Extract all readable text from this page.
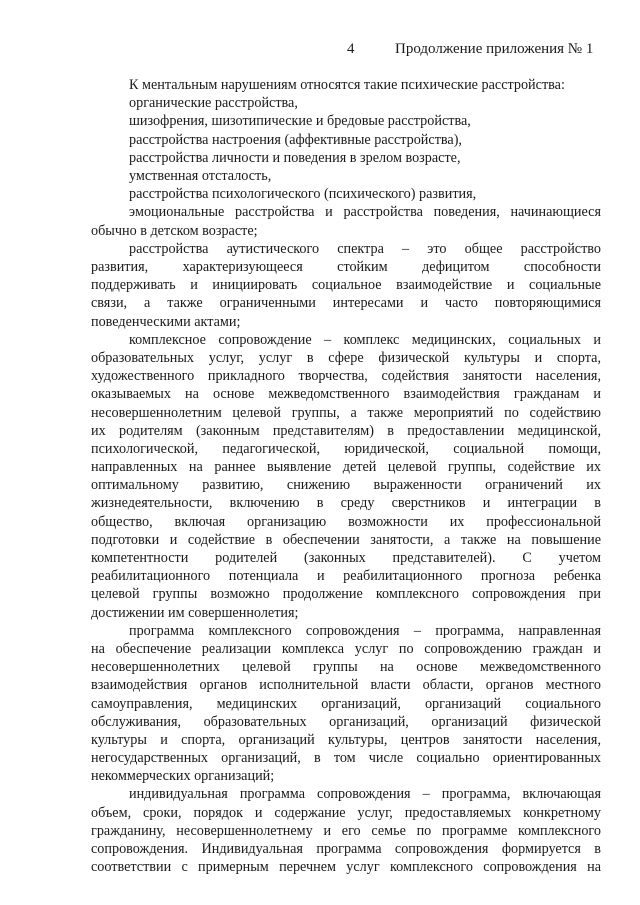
4	Продолжение приложения № 1
К ментальным нарушениям относятся такие психические расстройства:
органические расстройства,
шизофрения, шизотипические и бредовые расстройства,
расстройства настроения (аффективные расстройства),
расстройства личности и поведения в зрелом возрасте,
умственная отсталость,
расстройства психологического (психического) развития,
эмоциональные расстройства и расстройства поведения, начинающиеся
обычно в детском возрасте;
расстройства аутистического спектра – это общее расстройство
развития, характеризующееся стойким дефицитом способности
поддерживать и инициировать социальное взаимодействие и социальные
связи, а также ограниченными интересами и часто повторяющимися
поведенческими актами;
комплексное сопровождение – комплекс медицинских, социальных и
образовательных услуг, услуг в сфере физической культуры и спорта,
художественного прикладного творчества, содействия занятости населения,
оказываемых на основе межведомственного взаимодействия гражданам и
несовершеннолетним целевой группы, а также мероприятий по содействию
их родителям (законным представителям) в предоставлении медицинской,
психологической, педагогической, юридической, социальной помощи,
направленных на раннее выявление детей целевой группы, содействие их
оптимальному развитию, снижению выраженности ограничений их
жизнедеятельности, включению в среду сверстников и интеграции в
общество, включая организацию возможности их профессиональной
подготовки и содействие в обеспечении занятости, а также на повышение
компетентности родителей (законных представителей). С учетом
реабилитационного потенциала и реабилитационного прогноза ребенка
целевой группы возможно продолжение комплексного сопровождения при
достижении им совершеннолетия;
программа комплексного сопровождения – программа, направленная
на обеспечение реализации комплекса услуг по сопровождению граждан и
несовершеннолетних целевой группы на основе межведомственного
взаимодействия органов исполнительной власти области, органов местного
самоуправления, медицинских организаций, организаций социального
обслуживания, образовательных организаций, организаций физической
культуры и спорта, организаций культуры, центров занятости населения,
негосударственных организаций, в том числе социально ориентированных
некоммерческих организаций;
индивидуальная программа сопровождения – программа, включающая
объем, сроки, порядок и содержание услуг, предоставляемых конкретному
гражданину, несовершеннолетнему и его семье по программе комплексного
сопровождения. Индивидуальная программа сопровождения формируется в
соответствии с примерным перечнем услуг комплексного сопровождения на
